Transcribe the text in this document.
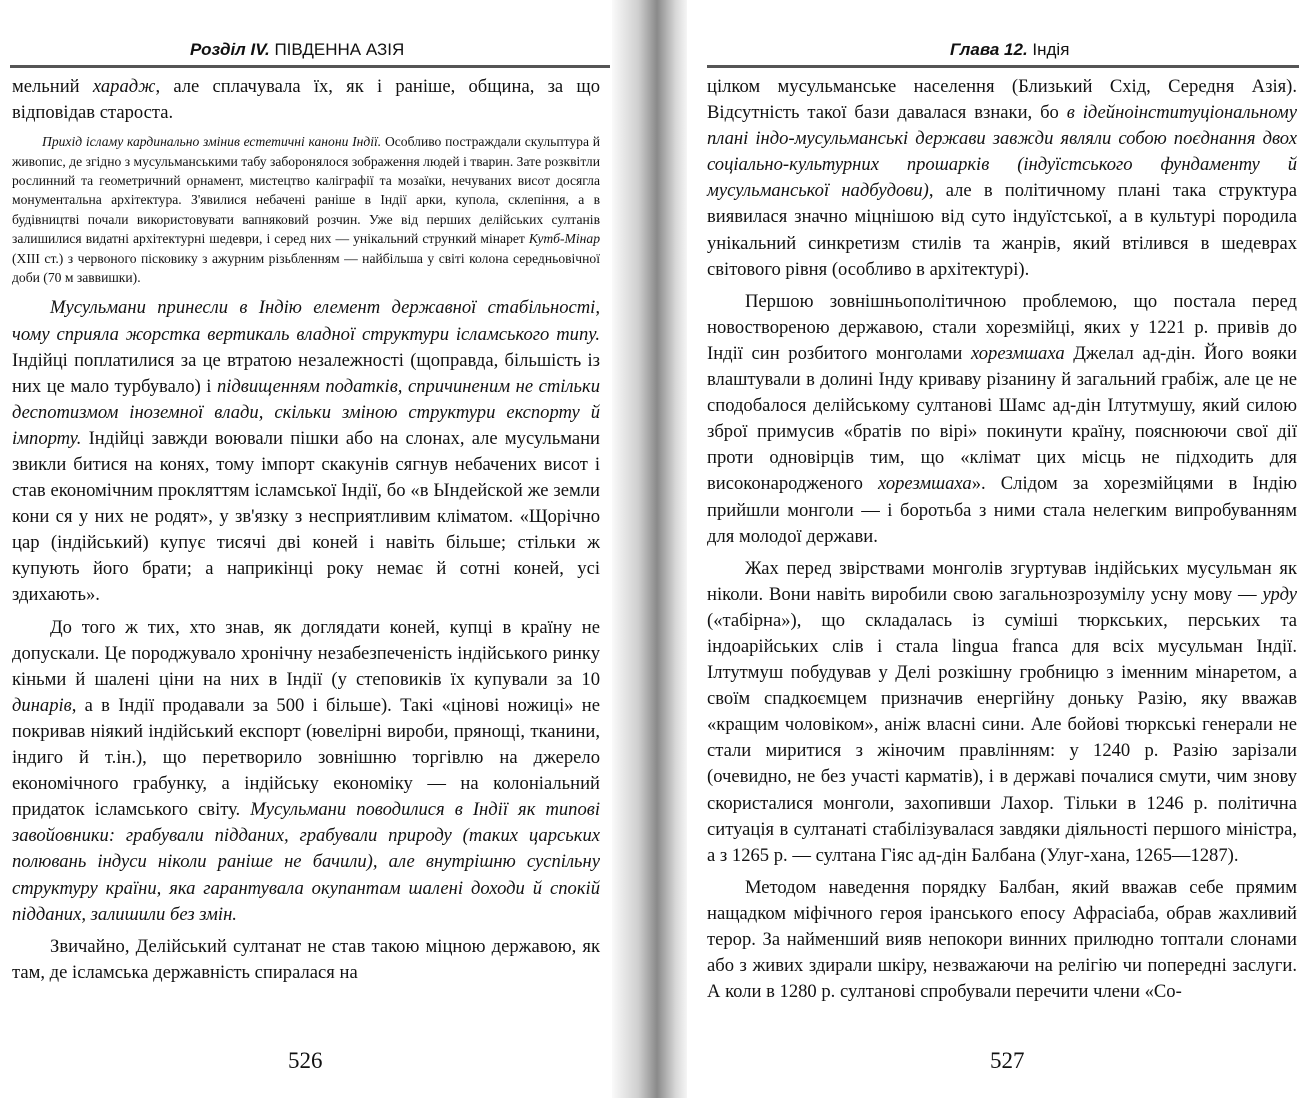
Розділ IV. ПІВДЕННА АЗІЯ

мельний харадж, але сплачувала їх, як і раніше, община, за що відповідав староста.

Прихід ісламу кардинально змінив естетичні канони Індії. Особливо постраждали скульптура й живопис, де згідно з мусульманськими табу заборонялося зображення людей і тварин. Зате розквітли рослинний та геометричний орнамент, мистецтво каліграфії та мозаїки, нечуваних висот досягла монументальна архітектура. З'явилися небачені раніше в Індії арки, купола, склепіння, а в будівництві почали використовувати вапняковий розчин. Уже від перших делійських султанів залишилися видатні архітектурні шедеври, і серед них — унікальний стрункий мінарет Кутб-Мінар (XIII ст.) з червоного пісковику з ажурним різьбленням — найбільша у світі колона середньовічної доби (70 м заввишки).

Мусульмани принесли в Індію елемент державної стабільності, чому сприяла жорстка вертикаль владної структури ісламського типу. Індійці поплатилися за це втратою незалежності (щоправда, більшість із них це мало турбувало) і підвищенням податків, спричиненим не стільки деспотизмом іноземної влади, скільки зміною структури експорту й імпорту. Індійці завжди воювали пішки або на слонах, але мусульмани звикли битися на конях, тому імпорт скакунів сягнув небачених висот і став економічним прокляттям ісламської Індії, бо «в Ындейской же земли кони ся у них не родят», у зв'язку з несприятливим кліматом. «Щорічно цар (індійський) купує тисячі дві коней і навіть більше; стільки ж купують його брати; а наприкінці року немає й сотні коней, усі здихають».

До того ж тих, хто знав, як доглядати коней, купці в країну не допускали. Це породжувало хронічну незабезпеченість індійського ринку кіньми й шалені ціни на них в Індії (у степовиків їх купували за 10 динарів, а в Індії продавали за 500 і більше). Такі «цінові ножиці» не покривав ніякий індійський експорт (ювелірні вироби, прянощі, тканини, індиго й т.ін.), що перетворило зовнішню торгівлю на джерело економічного грабунку, а індійську економіку — на колоніальний придаток ісламського світу. Мусульмани поводилися в Індії як типові завойовники: грабували підданих, грабували природу (таких царських полювань індуси ніколи раніше не бачили), але внутрішню суспільну структуру країни, яка гарантувала окупантам шалені доходи й спокій підданих, залишили без змін.

Звичайно, Делійський султанат не став такою міцною державою, як там, де ісламська державність спиралася на

526
Глава 12. Індія

цілком мусульманське населення (Близький Схід, Середня Азія). Відсутність такої бази давалася взнаки, бо в ідейноінституціональному плані індо-мусульманські держави завжди являли собою поєднання двох соціально-культурних прошарків (індуїстського фундаменту й мусульманської надбудови), але в політичному плані така структура виявилася значно міцнішою від суто індуїстської, а в культурі породила унікальний синкретизм стилів та жанрів, який втілився в шедеврах світового рівня (особливо в архітектурі).

Першою зовнішньополітичною проблемою, що постала перед новоствореною державою, стали хорезмійці, яких у 1221 р. привів до Індії син розбитого монголами хорезмшаха Джелал ад-дін. Його вояки влаштували в долині Інду криваву різанину й загальний грабіж, але це не сподобалося делійському султанові Шамс ад-дін Ілтутмушу, який силою зброї примусив «братів по вірі» покинути країну, пояснюючи свої дії проти одновірців тим, що «клімат цих місць не підходить для високонародженого хорезмшаха». Слідом за хорезмійцями в Індію прийшли монголи — і боротьба з ними стала нелегким випробуванням для молодої держави.

Жах перед звірствами монголів згуртував індійських мусульман як ніколи. Вони навіть виробили свою загальнозрозумілу усну мову — урду («табірна»), що складалась із суміші тюркських, перських та індоарійських слів і стала lingua franca для всіх мусульман Індії. Ілтутмуш побудував у Делі розкішну гробницю з іменним мінаретом, а своїм спадкоємцем призначив енергійну доньку Разію, яку вважав «кращим чоловіком», аніж власні сини. Але бойові тюркські генерали не стали миритися з жіночим правлінням: у 1240 р. Разію зарізали (очевидно, не без участі карматів), і в державі почалися смути, чим знову скористалися монголи, захопивши Лахор. Тільки в 1246 р. політична ситуація в султанаті стабілізувалася завдяки діяльності першого міністра, а з 1265 р. — султана Гіяс ад-дін Балбана (Улуг-хана, 1265—1287).

Методом наведення порядку Балбан, який вважав себе прямим нащадком міфічного героя іранського епосу Афрасіаба, обрав жахливий терор. За найменший вияв непокори винних прилюдно топтали слонами або з живих здирали шкіру, незважаючи на релігію чи попередні заслуги. А коли в 1280 р. султанові спробували перечити члени «Со-

527
